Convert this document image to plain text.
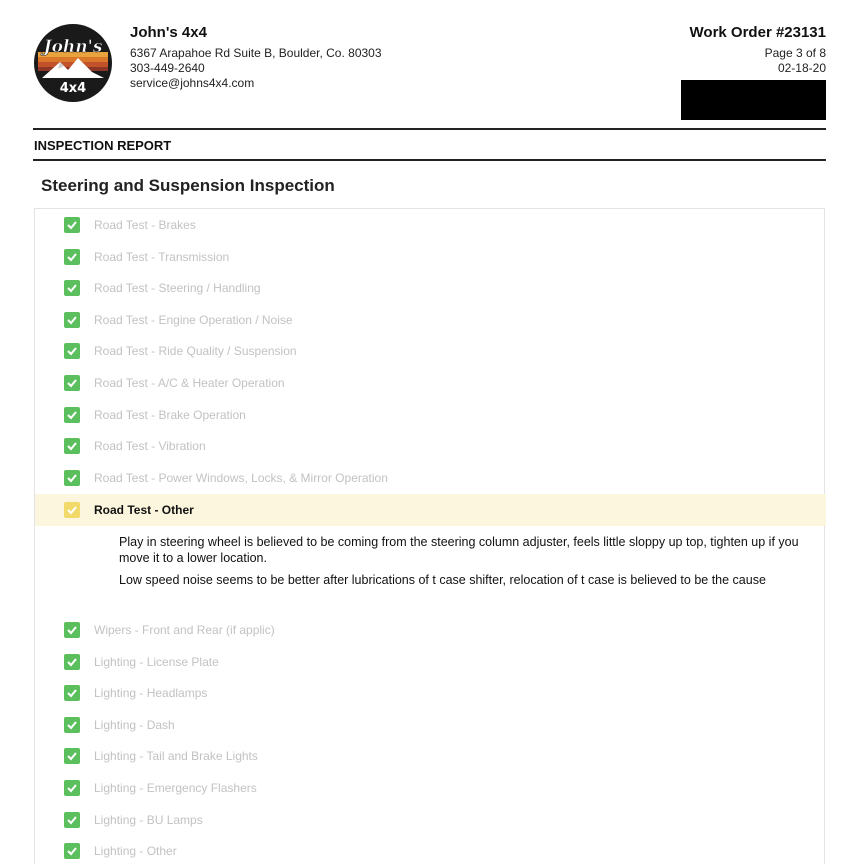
John's
4x4
John's 4x4
6367 Arapahoe Rd Suite B, Boulder, Co. 80303
303-449-2640
service@johns4x4.com
Work Order #23131
Page 3 of 8
02-18-20
INSPECTION REPORT
Steering and Suspension Inspection
Road Test - Brakes
Road Test - Transmission
Road Test - Steering / Handling
Road Test - Engine Operation / Noise
Road Test - Ride Quality / Suspension
Road Test - A/C & Heater Operation
Road Test - Brake Operation
Road Test - Vibration
Road Test - Power Windows, Locks, & Mirror Operation
Road Test - Other

Play in steering wheel is believed to be coming from the steering column adjuster, feels little sloppy up top, tighten up if you move it to a lower location.

Low speed noise seems to be better after lubrications of t case shifter, relocation of t case is believed to be the cause

Wipers - Front and Rear (if applic)
Lighting - License Plate
Lighting - Headlamps
Lighting - Dash
Lighting - Tail and Brake Lights
Lighting - Emergency Flashers
Lighting - BU Lamps
Lighting - Other
